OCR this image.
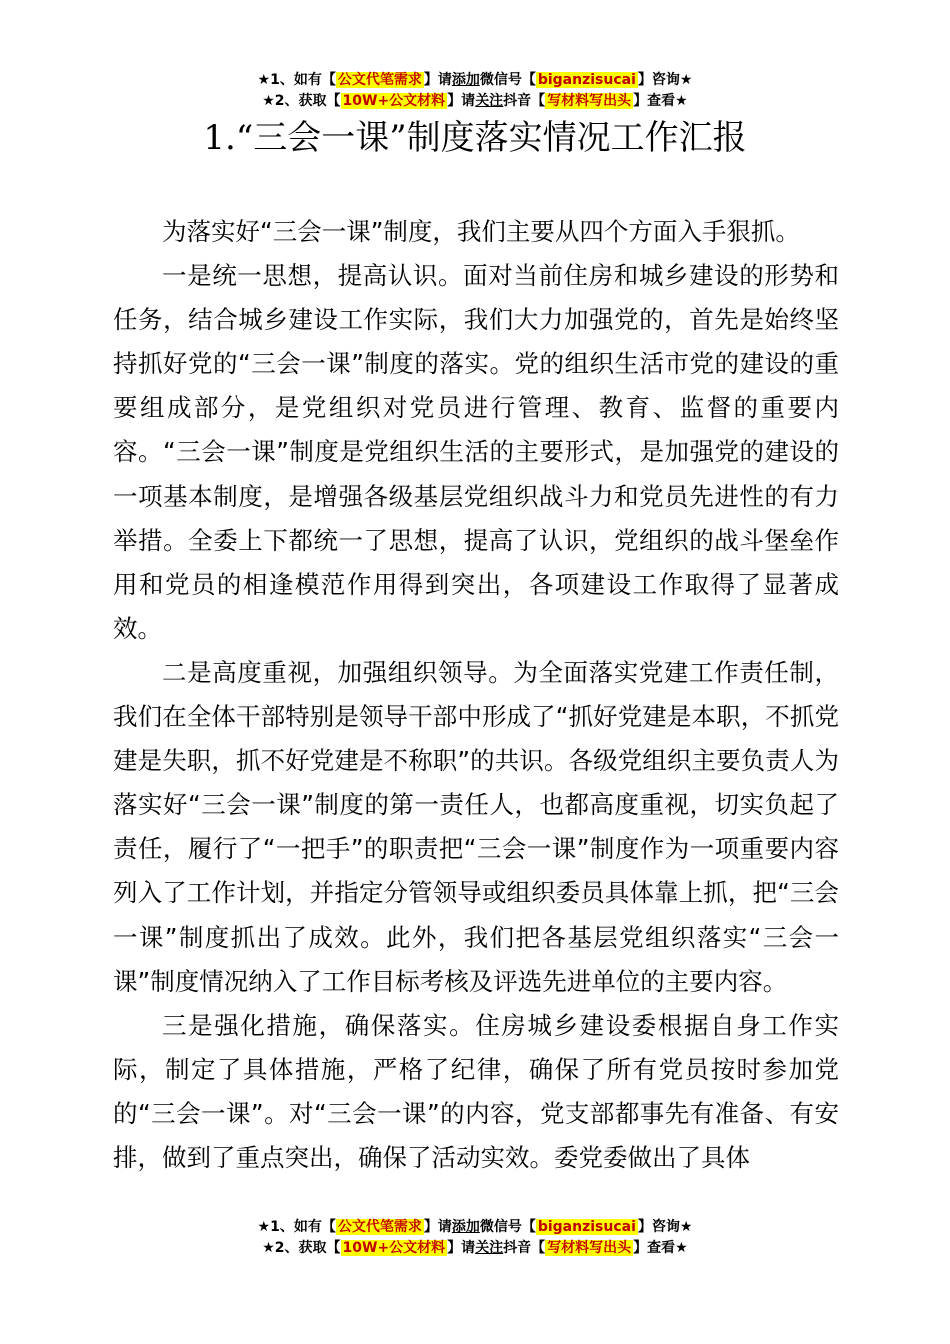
★1、如有【 公文代笔需求 】请添加微信号【 biganzisucai 】咨询★
★2、获取【 10W+公文材料 】请关注抖音【 写材料写出头 】查看★
1.“三会一课”制度落实情况工作汇报

为落实好“三会一课”制度，我们主要从四个方面入手狠抓。

一是统一思想，提高认识。面对当前住房和城乡建设的形势和任务，结合城乡建设工作实际，我们大力加强党的，首先是始终坚持抓好党的“三会一课”制度的落实。党的组织生活市党的建设的重要组成部分，是党组织对党员进行管理、教育、监督的重要内容。“三会一课”制度是党组织生活的主要形式，是加强党的建设的一项基本制度，是增强各级基层党组织战斗力和党员先进性的有力举措。全委上下都统一了思想，提高了认识，党组织的战斗堡垒作用和党员的相逢模范作用得到突出，各项建设工作取得了显著成效。

二是高度重视，加强组织领导。为全面落实党建工作责任制，我们在全体干部特别是领导干部中形成了“抓好党建是本职，不抓党建是失职，抓不好党建是不称职”的共识。各级党组织主要负责人为落实好“三会一课”制度的第一责任人，也都高度重视，切实负起了责任，履行了“一把手”的职责把“三会一课”制度作为一项重要内容列入了工作计划，并指定分管领导或组织委员具体靠上抓，把“三会一课”制度抓出了成效。此外，我们把各基层党组织落实“三会一课”制度情况纳入了工作目标考核及评选先进单位的主要内容。

三是强化措施，确保落实。住房城乡建设委根据自身工作实际，制定了具体措施，严格了纪律，确保了所有党员按时参加党的“三会一课”。对“三会一课”的内容，党支部都事先有准备、有安排，做到了重点突出，确保了活动实效。委党委做出了具体

★1、如有【 公文代笔需求 】请添加微信号【 biganzisucai 】咨询★
★2、获取【 10W+公文材料 】请关注抖音【 写材料写出头 】查看★
